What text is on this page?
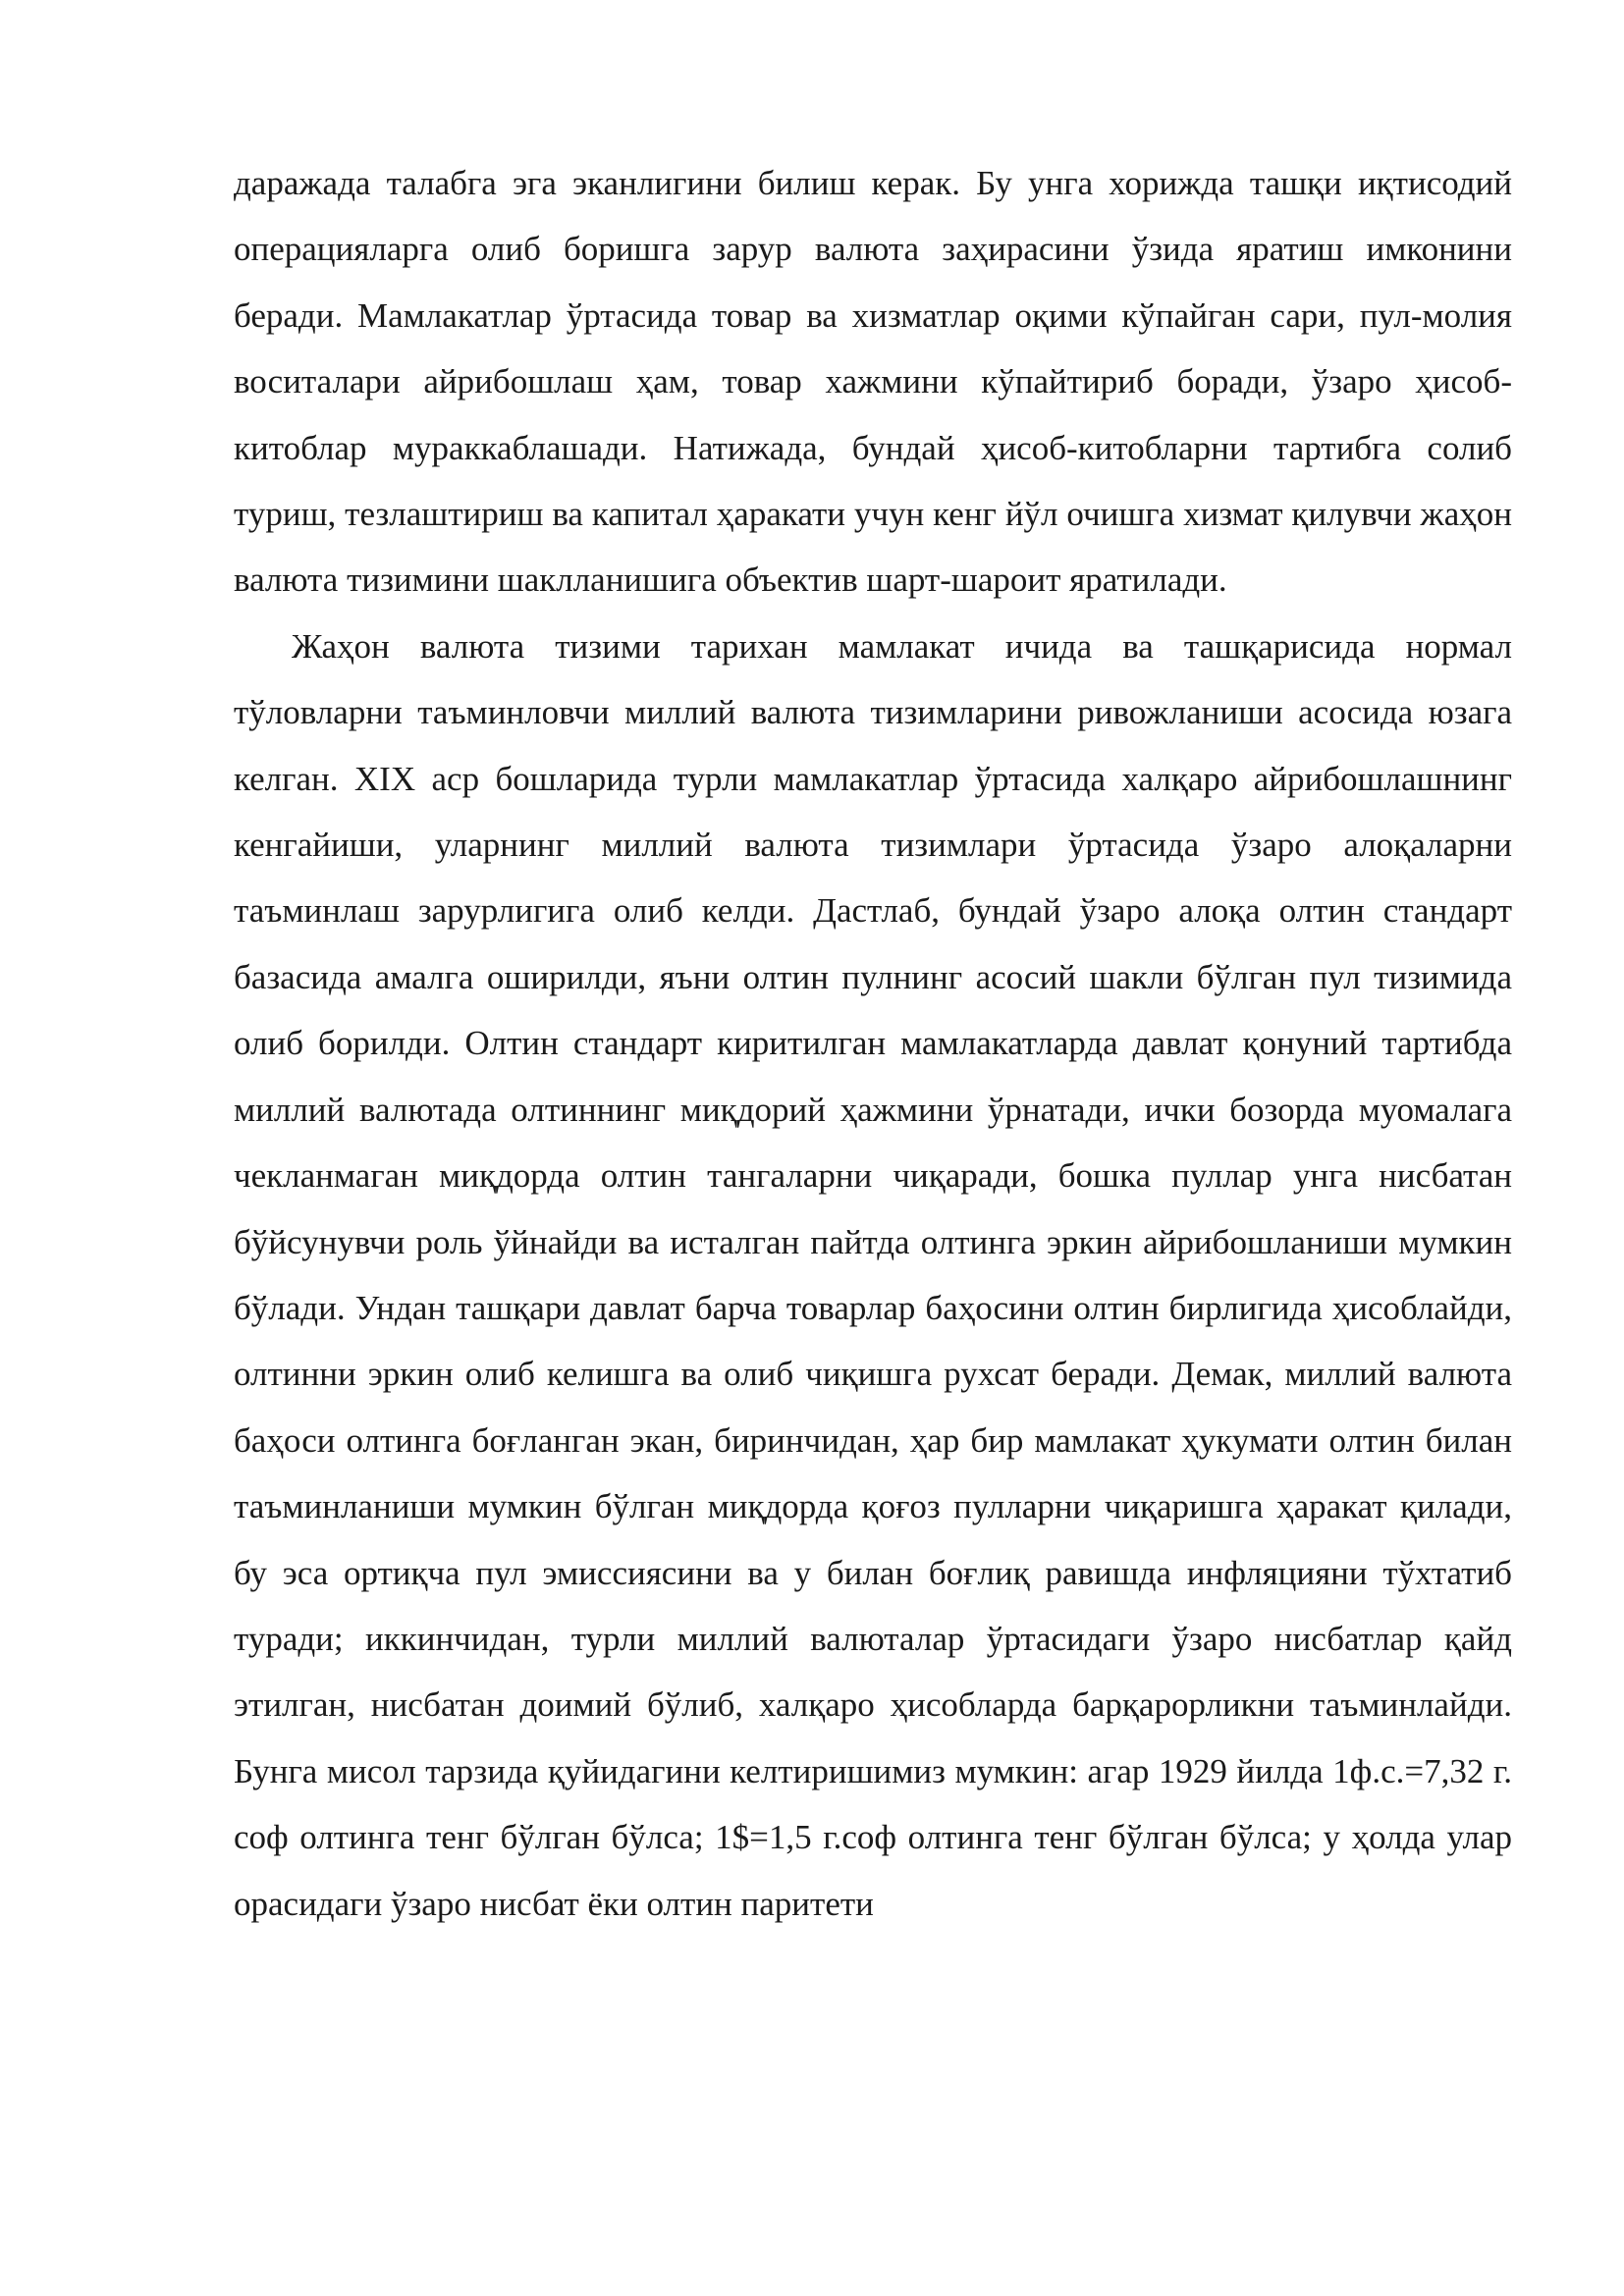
даражада талабга эга эканлигини билиш керак. Бу унга хорижда ташқи иқтисодий операцияларга олиб боришга зарур валюта заҳирасини ўзида яратиш имконини беради. Мамлакатлар ўртасида товар ва хизматлар оқими кўпайган сари, пул-молия воситалари айрибошлаш ҳам, товар хажмини кўпайтириб боради, ўзаро ҳисоб-китоблар мураккаблашади. Натижада, бундай ҳисоб-китобларни тартибга солиб туриш, тезлаштириш ва капитал ҳаракати учун кенг йўл очишга хизмат қилувчи жаҳон валюта тизимини шаклланишига объектив шарт-шароит яратилади.

Жаҳон валюта тизими тарихан мамлакат ичида ва ташқарисида нормал тўловларни таъминловчи миллий валюта тизимларини ривожланиши асосида юзага келган. XIX аср бошларида турли мамлакатлар ўртасида халқаро айрибошлашнинг кенгайиши, уларнинг миллий валюта тизимлари ўртасида ўзаро алоқаларни таъминлаш зарурлигига олиб келди. Дастлаб, бундай ўзаро алоқа олтин стандарт базасида амалга оширилди, яъни олтин пулнинг асосий шакли бўлган пул тизимида олиб борилди. Олтин стандарт киритилган мамлакатларда давлат қонуний тартибда миллий валютада олтиннинг миқдорий ҳажмини ўрнатади, ички бозорда муомалага чекланмаган миқдорда олтин тангаларни чиқаради, бошка пуллар унга нисбатан бўйсунувчи роль ўйнайди ва исталган пайтда олтинга эркин айрибошланиши мумкин бўлади. Ундан ташқари давлат барча товарлар баҳосини олтин бирлигида ҳисоблайди, олтинни эркин олиб келишга ва олиб чиқишга рухсат беради. Демак, миллий валюта баҳоси олтинга боғланган экан, биринчидан, ҳар бир мамлакат ҳукумати олтин билан таъминланиши мумкин бўлган миқдорда қоғоз пулларни чиқаришга ҳаракат қилади, бу эса ортиқча пул эмиссиясини ва у билан боғлиқ равишда инфляцияни тўхтатиб туради; иккинчидан, турли миллий валюталар ўртасидаги ўзаро нисбатлар қайд этилган, нисбатан доимий бўлиб, халқаро ҳисобларда барқарорликни таъминлайди. Бунга мисол тарзида қуйидагини келтиришимиз мумкин: агар 1929 йилда 1ф.с.=7,32 г. соф олтинга тенг бўлган бўлса; 1$=1,5 г.соф олтинга тенг бўлган бўлса; у ҳолда улар орасидаги ўзаро нисбат ёки олтин паритети
